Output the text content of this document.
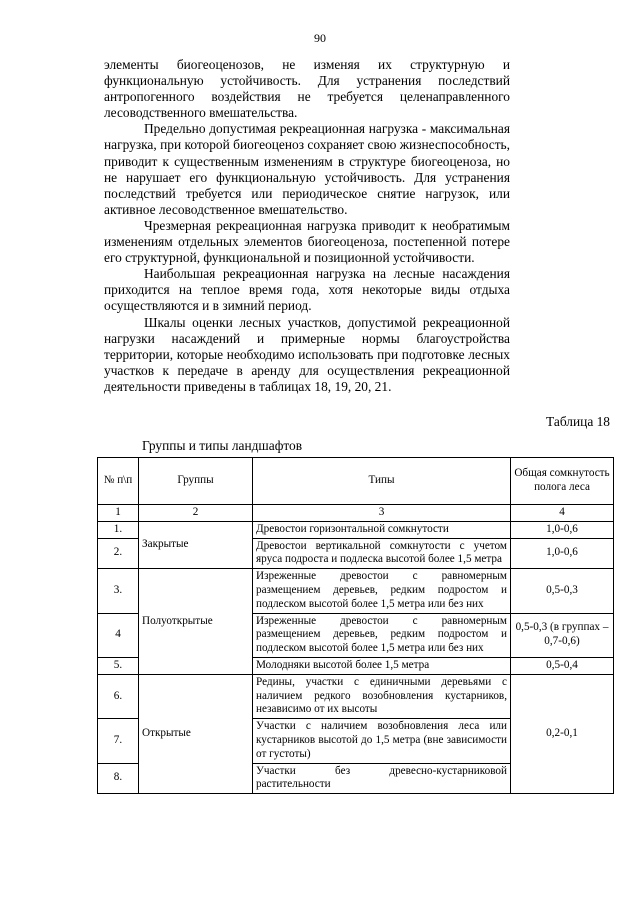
90

элементы биогеоценозов, не изменяя их структурную и функциональную устойчивость. Для устранения последствий антропогенного воздействия не требуется целенаправленного лесоводственного вмешательства.

Предельно допустимая рекреационная нагрузка - максимальная нагрузка, при которой биогеоценоз сохраняет свою жизнеспособность, приводит к существенным изменениям в структуре биогеоценоза, но не нарушает его функциональную устойчивость. Для устранения последствий требуется или периодическое снятие нагрузок, или активное лесоводственное вмешательство.

Чрезмерная рекреационная нагрузка приводит к необратимым изменениям отдельных элементов биогеоценоза, постепенной потере его структурной, функциональной и позиционной устойчивости.

Наибольшая рекреационная нагрузка на лесные насаждения приходится на теплое время года, хотя некоторые виды отдыха осуществляются и в зимний период.

Шкалы оценки лесных участков, допустимой рекреационной нагрузки насаждений и примерные нормы благоустройства территории, которые необходимо использовать при подготовке лесных участков к передаче в аренду для осуществления рекреационной деятельности приведены в таблицах 18, 19, 20, 21.

Таблица 18
Группы и типы ландшафтов
№ п\п	Группы	Типы	Общая сомкнутость полога леса
1	2	3	4
1.	Закрытые	Древостои горизонтальной сомкнутости	1,0-0,6
2.		Древостои вертикальной сомкнутости с учетом яруса подроста и подлеска высотой более 1,5 метра	1,0-0,6
3.	Полуоткрытые	Изреженные древостои с равномерным размещением деревьев, редким подростом и подлеском высотой более 1,5 метра или без них	0,5-0,3
4		Изреженные древостои с равномерным размещением деревьев, редким подростом и подлеском высотой более 1,5 метра или без них	0,5-0,3 (в группах – 0,7-0,6)
5.		Молодняки высотой более 1,5 метра	0,5-0,4
6.	Открытые	Редины, участки с единичными деревьями с наличием редкого возобновления кустарников, независимо от их высоты	0,2-0,1
7.		Участки с наличием возобновления леса или кустарников высотой до 1,5 метра (вне зависимости от густоты)	
8.		Участки без древесно-кустарниковой растительности	
